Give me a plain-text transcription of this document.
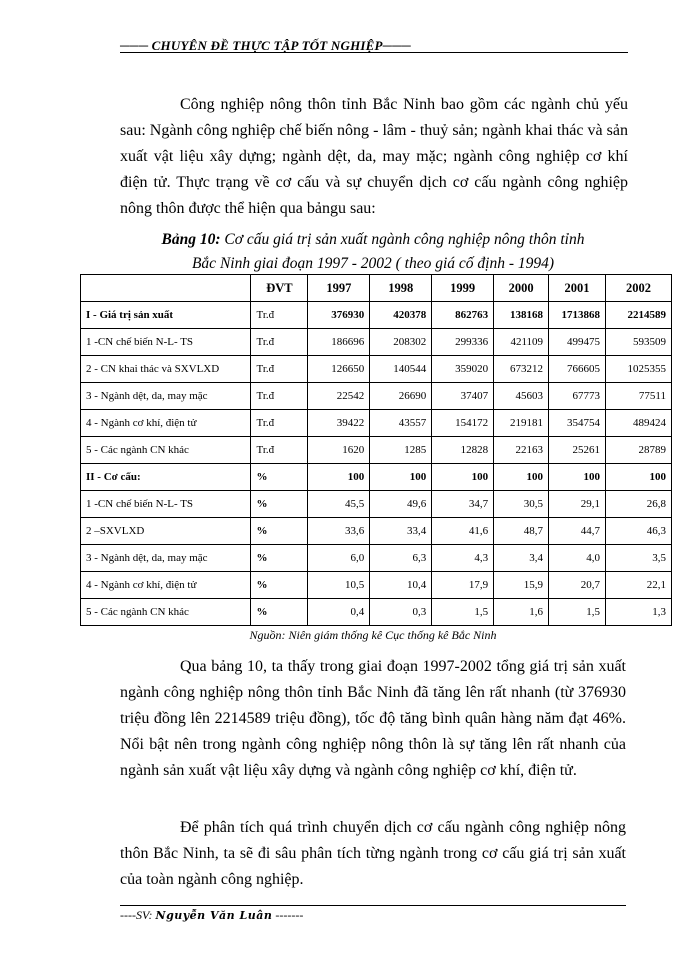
─── CHUYÊN ĐỀ THỰC TẬP TỐT NGHIỆP───
Công nghiệp nông thôn tỉnh Bắc Ninh bao gồm các ngành chủ yếu sau: Ngành công nghiệp chế biến nông - lâm - thuỷ sản; ngành khai thác và sản xuất vật liệu xây dựng; ngành dệt, da, may mặc; ngành công nghiệp cơ khí điện tử. Thực trạng về cơ cấu và sự chuyển dịch cơ cấu ngành công nghiệp nông thôn được thể hiện qua bảngu sau:
Bảng 10: Cơ cấu giá trị sản xuất ngành công nghiệp nông thôn tỉnh
Bắc Ninh giai đoạn 1997 - 2002 ( theo giá cố định - 1994)
	ĐVT	1997	1998	1999	2000	2001	2002
I - Giá trị sản xuất	Tr.đ	376930	420378	862763	138168	1713868	2214589
1 -CN chế biến N-L- TS	Tr.đ	186696	208302	299336	421109	499475	593509
2 - CN khai thác và SXVLXD	Tr.đ	126650	140544	359020	673212	766605	1025355
3 - Ngành dệt, da, may mặc	Tr.đ	22542	26690	37407	45603	67773	77511
4 - Ngành cơ khí, điện tử	Tr.đ	39422	43557	154172	219181	354754	489424
5 - Các ngành CN khác	Tr.đ	1620	1285	12828	22163	25261	28789
II - Cơ cấu:	%	100	100	100	100	100	100
1 -CN chế biến N-L- TS	%	45,5	49,6	34,7	30,5	29,1	26,8
2 –SXVLXD	%	33,6	33,4	41,6	48,7	44,7	46,3
3 - Ngành dệt, da, may mặc	%	6,0	6,3	4,3	3,4	4,0	3,5
4 - Ngành cơ khí, điện tử	%	10,5	10,4	17,9	15,9	20,7	22,1
5 - Các ngành CN khác	%	0,4	0,3	1,5	1,6	1,5	1,3
Nguồn: Niên giám thống kê Cục thống kê Bắc Ninh
Qua bảng 10, ta thấy trong giai đoạn 1997-2002 tổng giá trị sản xuất ngành công nghiệp nông thôn tỉnh Bắc Ninh đã tăng lên rất nhanh (từ 376930 triệu đồng lên 2214589 triệu đồng), tốc độ tăng bình quân hàng năm đạt 46%. Nổi bật nên trong ngành công nghiệp nông thôn là sự tăng lên rất nhanh của ngành sản xuất vật liệu xây dựng và ngành công nghiệp cơ khí, điện tử.
Để phân tích quá trình chuyển dịch cơ cấu ngành công nghiệp nông thôn Bắc Ninh, ta sẽ đi sâu phân tích từng ngành trong cơ cấu giá trị sản xuất của toàn ngành công nghiệp.
----SV: Nguyễn Văn Luân -------
